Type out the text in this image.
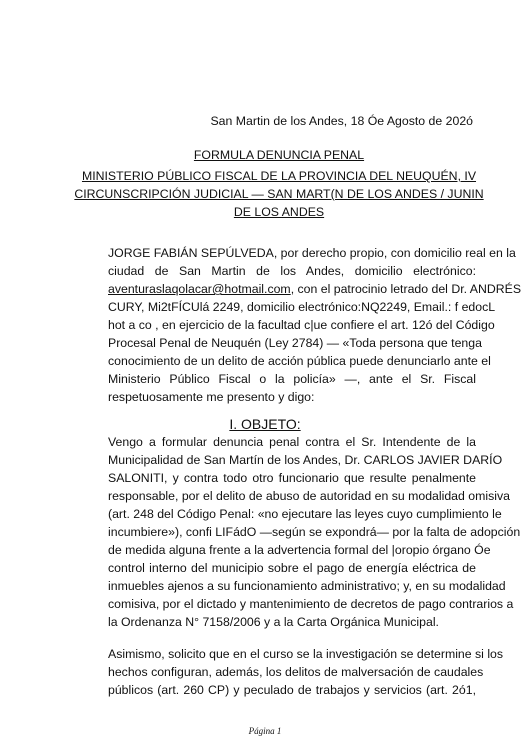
San Martin de los Andes, 18 Óe Agosto de 202ó
FORMULA DENUNCIA PENAL
MINISTERIO PÚBLICO FISCAL DE LA PROVINCIA DEL NEUQUÉN, IV
CIRCUNSCRIPCIÓN JUDICIAL — SAN MART(N DE LOS ANDES / JUNIN
DE LOS ANDES
JORGE FABIÁN SEPÚLVEDA, por derecho propio, con domicilio real en la
ciudad de San Martin de los Andes, domicilio electrónico:
aventuraslaqolacar@hotmail.com, con el patrocinio letrado del Dr. ANDRÉS
CURY, Mi2tFÍCUlá 2249, domicilio electrónico:NQ2249, Email.: f edocL
hot a co , en ejercicio de la facultad c|ue confiere el art. 12ó del Código
Procesal Penal de Neuquén (Ley 2784) — «Toda persona que tenga
conocimiento de un delito de acción pública puede denunciarlo ante el
Ministerio Público Fiscal o la policía» —, ante el Sr. Fiscal
respetuosamente me presento y digo:
I. OBJETO:
Vengo a formular denuncia penal contra el Sr. Intendente de la
Municipalidad de San Martín de los Andes, Dr. CARLOS JAVIER DARÍO
SALONITI, y contra todo otro funcionario que resulte penalmente
responsable, por el delito de abuso de autoridad en su modalidad omisiva
(art. 248 del Código Penal: «no ejecutare las leyes cuyo cumplimiento le
incumbiere»), confi LIFádO —según se expondrá— por la falta de adopción
de medida alguna frente a la advertencia formal del |oropio órgano Óe
control interno del municipio sobre el pago de energía eléctrica de
inmuebles ajenos a su funcionamiento administrativo; y, en su modalidad
comisiva, por el dictado y mantenimiento de decretos de pago contrarios a
la Ordenanza N° 7158/2006 y a la Carta Orgánica Municipal.
Asimismo, solicito que en el curso se la investigación se determine si los
hechos configuran, además, los delitos de malversación de caudales
públicos (art. 260 CP) y peculado de trabajos y servicios (art. 2ó1,
Página 1
